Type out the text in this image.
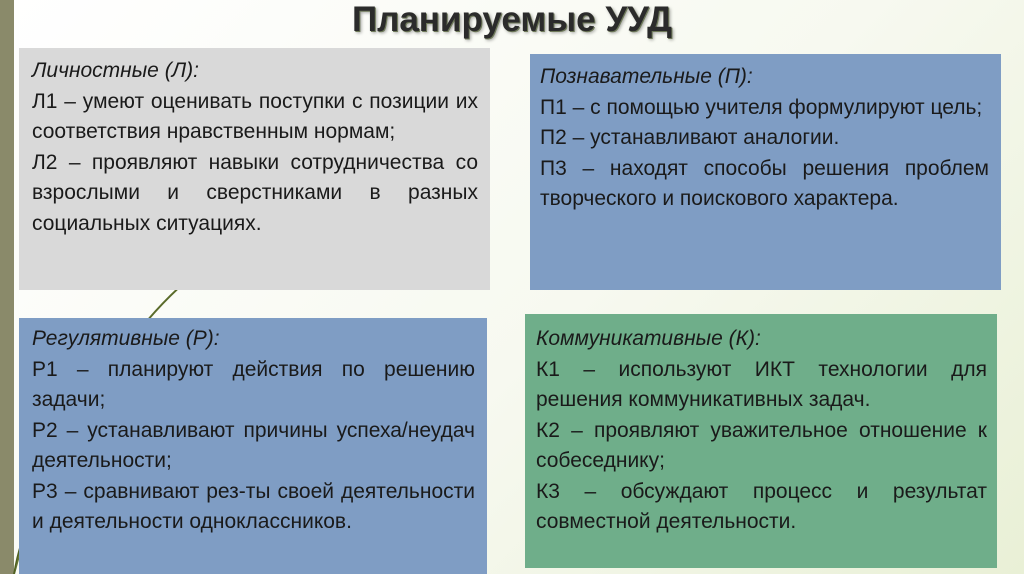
Планируемые УУД
Личностные (Л):
Л1 – умеют оценивать поступки с позиции их соответствия нравственным нормам;
Л2 – проявляют навыки сотрудничества со взрослыми и сверстниками в разных социальных ситуациях.
Познавательные (П):
П1 – с помощью учителя формулируют цель;
П2 – устанавливают аналогии.
П3 – находят способы решения проблем творческого и поискового характера.
Регулятивные (Р):
Р1 – планируют действия по решению задачи;
Р2 – устанавливают причины успеха/неудач деятельности;
Р3 – сравнивают рез-ты своей деятельности и деятельности одноклассников.
Коммуникативные (К):
К1 – используют ИКТ технологии для решения коммуникативных задач.
К2 – проявляют уважительное отношение к собеседнику;
К3 – обсуждают процесс и результат совместной деятельности.
